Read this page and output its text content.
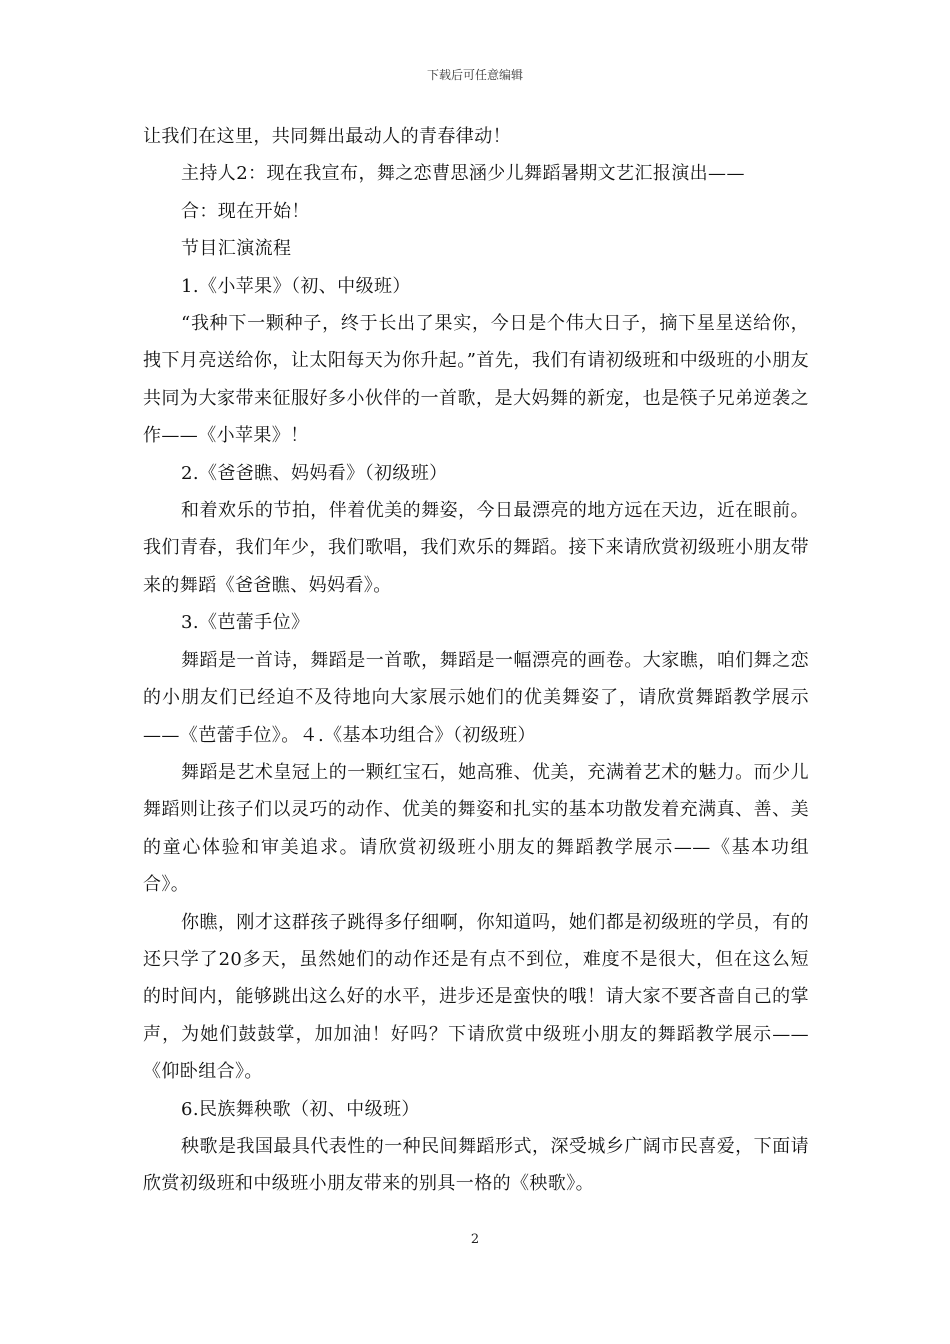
下载后可任意编辑

让我们在这里，共同舞出最动人的青春律动！

主持人2：现在我宣布，舞之恋曹思涵少儿舞蹈暑期文艺汇报演出——

合：现在开始！

节目汇演流程

1.《小苹果》（初、中级班）

“我种下一颗种子，终于长出了果实，今日是个伟大日子，摘下星星送给你，拽下月亮送给你，让太阳每天为你升起。”首先，我们有请初级班和中级班的小朋友共同为大家带来征服好多小伙伴的一首歌，是大妈舞的新宠，也是筷子兄弟逆袭之作——《小苹果》！

2.《爸爸瞧、妈妈看》（初级班）

和着欢乐的节拍，伴着优美的舞姿，今日最漂亮的地方远在天边，近在眼前。我们青春，我们年少，我们歌唱，我们欢乐的舞蹈。接下来请欣赏初级班小朋友带来的舞蹈《爸爸瞧、妈妈看》。

3.《芭蕾手位》

舞蹈是一首诗，舞蹈是一首歌，舞蹈是一幅漂亮的画卷。大家瞧，咱们舞之恋的小朋友们已经迫不及待地向大家展示她们的优美舞姿了，请欣赏舞蹈教学展示——《芭蕾手位》。４.《基本功组合》（初级班）

舞蹈是艺术皇冠上的一颗红宝石，她高雅、优美，充满着艺术的魅力。而少儿舞蹈则让孩子们以灵巧的动作、优美的舞姿和扎实的基本功散发着充满真、善、美的童心体验和审美追求。请欣赏初级班小朋友的舞蹈教学展示——《基本功组合》。

你瞧，刚才这群孩子跳得多仔细啊，你知道吗，她们都是初级班的学员，有的还只学了20多天，虽然她们的动作还是有点不到位，难度不是很大，但在这么短的时间内，能够跳出这么好的水平，进步还是蛮快的哦！请大家不要吝啬自己的掌声，为她们鼓鼓掌，加加油！好吗？下请欣赏中级班小朋友的舞蹈教学展示——《仰卧组合》。

6.民族舞秧歌（初、中级班）

秧歌是我国最具代表性的一种民间舞蹈形式，深受城乡广阔市民喜爱，下面请欣赏初级班和中级班小朋友带来的别具一格的《秧歌》。

2
